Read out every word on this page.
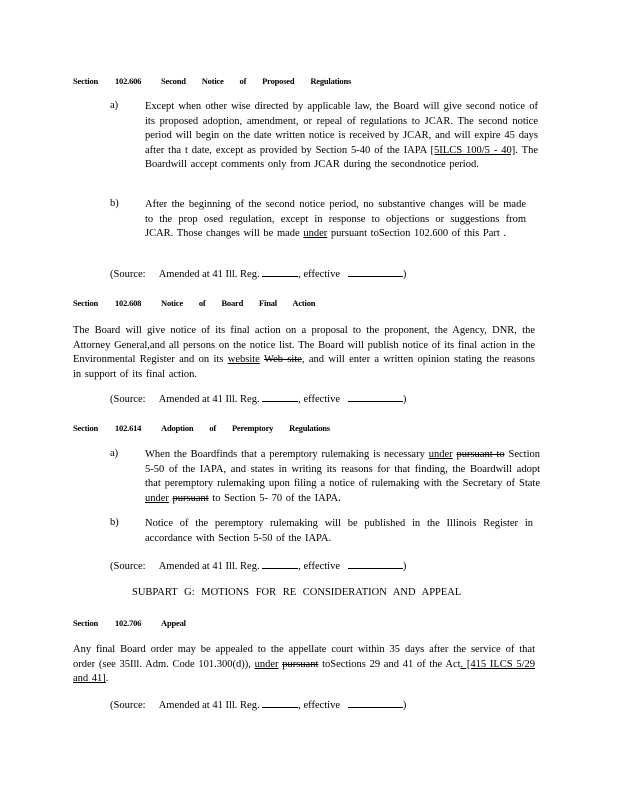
Section 102.606 Second Notice of Proposed Regulations
a)	Except when other wise directed by applicable law, the Board will give second notice of its proposed adoption, amendment, or repeal of regulations to JCAR. The second notice period will begin on the date written notice is received by JCAR, and will expire 45 days after tha t date, except as provided by Section 5-40 of the IAPA [5ILCS 100/5 - 40]. The Boardwill accept comments only from JCAR during the secondnotice period.
b)	After the beginning of the second notice period, no substantive changes will be made to the prop osed regulation, except in response to objections or suggestions from JCAR. Those changes will be made under pursuant toSection 102.600 of this Part .
(Source: Amended at 41 Ill. Reg.	, effective	)
Section 102.608 Notice of Board Final Action
The Board will give notice of its final action on a proposal to the proponent, the Agency, DNR, the Attorney General,and all persons on the notice list. The Board will publish notice of its final action in the Environmental Register and on its website Web site, and will enter a written opinion stating the reasons in support of its final action.
(Source: Amended at 41 Ill. Reg.	, effective	)
Section 102.614 Adoption of Peremptory Regulations
a)	When the Boardfinds that a peremptory rulemaking is necessary under pursuant to Section 5-50 of the IAPA, and states in writing its reasons for that finding, the Boardwill adopt that peremptory rulemaking upon filing a notice of rulemaking with the Secretary of State under pursuant to Section 5- 70 of the IAPA.
b)	Notice of the peremptory rulemaking will be published in the Illinois Register in accordance with Section 5-50 of the IAPA.
(Source: Amended at 41 Ill. Reg.	, effective	)
SUBPART G: MOTIONS FOR RE CONSIDERATION AND APPEAL
Section 102.706 Appeal
Any final Board order may be appealed to the appellate court within 35 days after the service of that order (see 35Ill. Adm. Code 101.300(d)), under pursuant toSections 29 and 41 of the Act. [415 ILCS 5/29 and 41].
(Source: Amended at 41 Ill. Reg.	, effective	)
